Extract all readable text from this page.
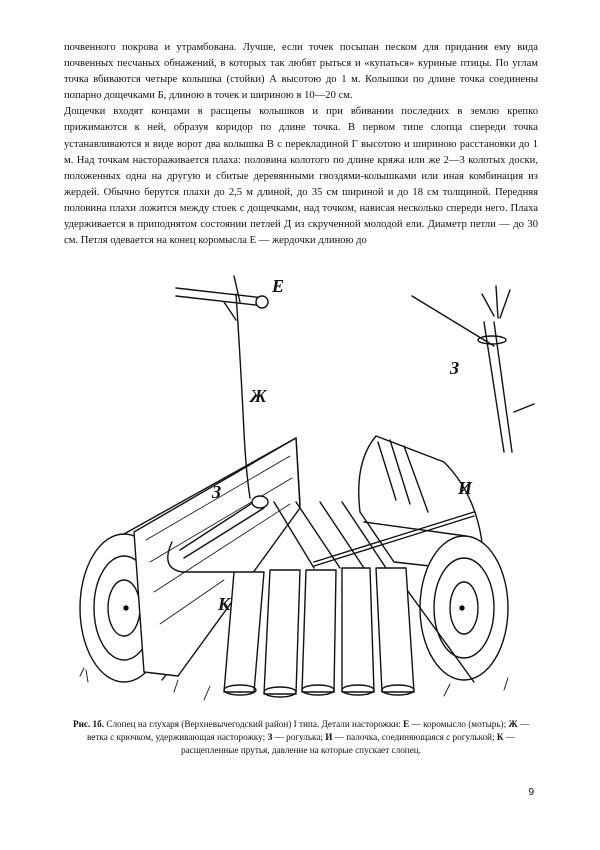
почвенного покрова и утрамбована. Лучше, если точек посыпан песком для придания ему вида почвенных песчаных обнажений, в которых так любят рыться и «купаться» куриные птицы. По углам точка вбиваются четыре колышка (стойки) А высотою до 1 м. Колышки по длине точка соединены попарно дощечками Б, длиною в точек и шириною в 10—20 см.
Дощечки входят концами в расщепы колышков и при вбивании последних в землю крепко прижимаются к ней, образуя коридор по длине точка. В первом типе слопца спереди точка устанавливаются в виде ворот два колышка В с перекладиной Г высотою и шириною расстановки до 1 м. Над точкам настораживается плаха: половина колотого по длине кряжа или же 2—3 колотых доски, положенных одна на другую и сбитые деревянными гвоздями-колышками или иная комбинация из жердей. Обычно берутся плахи до 2,5 м длиной, до 35 см шириной и до 18 см толщиной. Передняя половина плахи ложится между стоек с дощечками, над точком, нависая несколько спереди него. Плаха удерживается в приподнятом состоянии петлей Д из скрученной молодой ели. Диаметр петли — до 30 см. Петля одевается на конец коромысла Е — жердочки длиною до
Е
Ж
З
З
И
К

Рис. 1б. Слопец на глухаря (Верхневычегодский район) I типа. Детали насторожки: Е — коромысло (мотырь); Ж — ветка с крючком, удерживающая насторожку; З — рогулька; И — палочка, соединяющаяся с рогулькой; К — расщепленные прутья, давление на которые спускает слопец.

9
